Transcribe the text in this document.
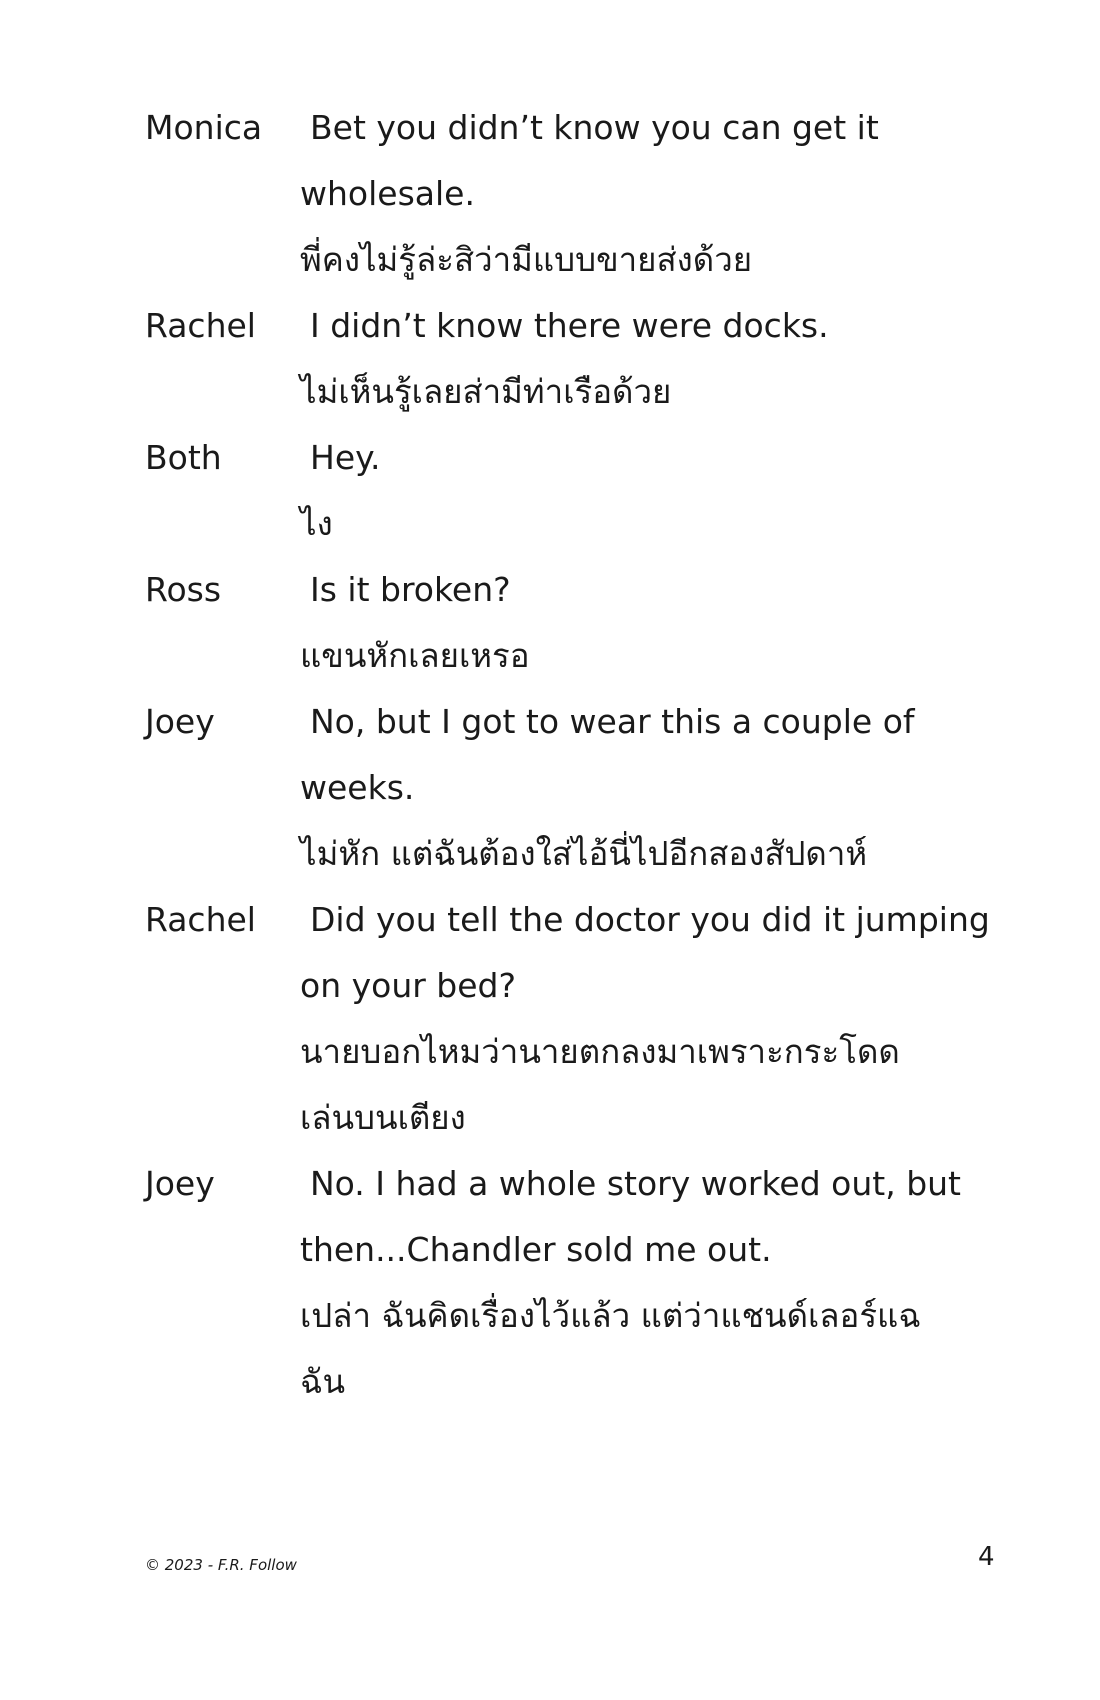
Monica	Bet you didn’t know you can get it
wholesale.
พี่คงไม่รู้ล่ะสิว่ามีแบบขายส่งด้วย
Rachel	I didn’t know there were docks.
ไม่เห็นรู้เลยส่ามีท่าเรือด้วย
Both	Hey.
ไง
Ross	Is it broken?
แขนหักเลยเหรอ
Joey	No, but I got to wear this a couple of
weeks.
ไม่หัก แต่ฉันต้องใส่ไอ้นี่ไปอีกสองสัปดาห์
Rachel	Did you tell the doctor you did it jumping
on your bed?
นายบอกไหมว่านายตกลงมาเพราะกระโดด
เล่นบนเตียง
Joey	No. I had a whole story worked out, but
then...Chandler sold me out.
เปล่า ฉันคิดเรื่องไว้แล้ว แต่ว่าแชนด์เลอร์แฉ
ฉัน
© 2023 - F.R. Follow	4
